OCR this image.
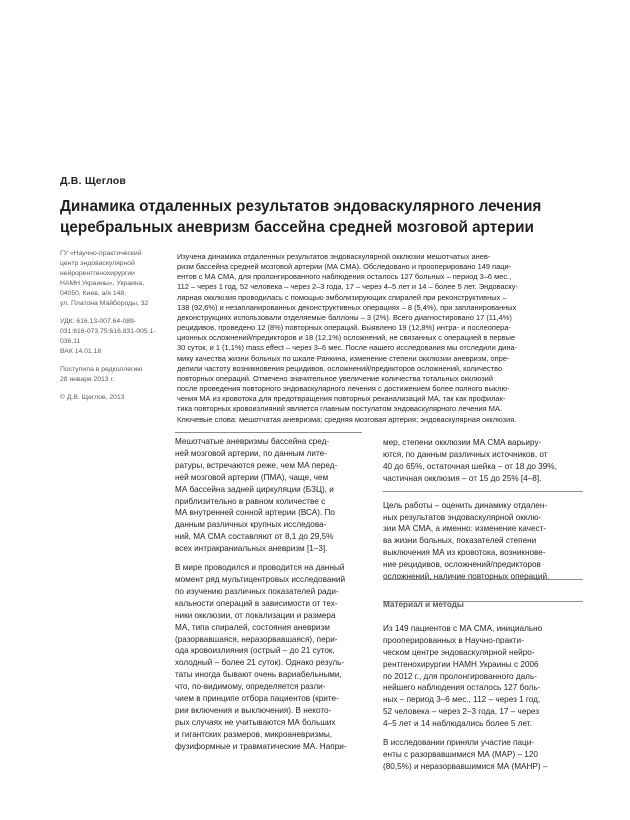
Д.В. Щеглов
Динамика отдаленных результатов эндоваскулярного лечения
церебральных аневризм бассейна средней мозговой артерии

ГУ «Научно-практический
центр эндоваскулярной
нейрорентгенохирургии
НАМН Украины», Украина,
04050, Киев, а/я 148,
ул. Платона Майбороды, 32

УДК: 616.13-007.64-089-
031:616-073.75:616.831-005.1-
036.11
ВАК 14.01.18

Поступила в редколлегию
28 января 2013 г.

© Д.В. Щеглов, 2013

Изучена динамика отдаленных результатов эндоваскулярной окклюзии мешотчатых анев-
ризм бассейна средней мозговой артерии (МА СМА). Обследовано и прооперировано 149 паци-
ентов с МА СМА, для пролонгированного наблюдения осталось 127 больных – период 3–6 мес.,
112 – через 1 год, 52 человека – через 2–3 года, 17 – через 4–5 лет и 14 – более 5 лет. Эндоваску-
лярная окклюзия проводилась с помощью эмболизирующих спиралей при реконструктивных –
138 (92,6%) и незапланированных деконструктивных операциях – 8 (5,4%), при запланированных
деконструкциях использовали отделяемые баллоны – 3 (2%). Всего диагностировано 17 (11,4%)
рецидивов, проведено 12 (8%) повторных операций. Выявлено 19 (12,8%) интра- и послеопера-
ционных осложнений/предикторов и 18 (12,1%) осложнений, не связанных с операцией в первые
30 суток, и 1 (1,1%) mass effect – через 3–6 мес. После нашего исследования мы отследили дина-
мику качества жизни больных по шкале Ранкина, изменение степени окклюзии аневризм, опре-
делили частоту возникновения рецидивов, осложнений/предикторов осложнений, количество
повторных операций. Отмечено значительное увеличение количества тотальных окклюзий
после проведения повторного эндоваскулярного лечения с достижением более полного выклю-
чения МА из кровотока для предотвращения повторных реканализаций МА, так как профилак-
тика повторных кровоизлияний является главным постулатом эндоваскулярного лечения МА.
Ключевые слова: мешотчатая аневризма; средняя мозговая артерия; эндоваскулярная окклюзия.

Мешотчатые аневризмы бассейна сред-
ней мозговой артерии, по данным лите-
ратуры, встречаются реже, чем МА перед-
ней мозговой артерии (ПМА), чаще, чем
МА бассейна задней циркуляции (БЗЦ), и
приблизительно в равном количестве с
МА внутренней сонной артерии (ВСА). По
данным различных крупных исследова-
ний, МА СМА составляют от 8,1 до 29,5%
всех интракраниальных аневризм [1–3].

В мире проводился и проводится на данный
момент ряд мультицентровых исследований
по изучению различных показателей ради-
кальности операций в зависимости от тех-
ники окклюзии, от локализации и размера
МА, типа спиралей, состояния аневризм
(разорвавшаяся, неразорвавшаяся), пери-
ода кровоизлияния (острый – до 21 суток,
холодный – более 21 суток). Однако резуль-
таты иногда бывают очень вариабельными,
что, по-видимому, определяется разли-
чием в принципе отбора пациентов (крите-
рии включения и выключения). В некото-
рых случаях не учитываются МА больших
и гигантских размеров, микроаневризмы,
фузиформные и травматические МА. Напри-

мер, степени окклюзии МА СМА варьиру-
ются, по данным различных источников, от
40 до 65%, остаточная шейка – от 18 до 39%,
частичная окклюзия – от 15 до 25% [4–8].

Цель работы – оценить динамику отдален-
ных результатов эндоваскулярной окклю-
зии МА СМА, а именно: изменение качест-
ва жизни больных, показателей степени
выключения МА из кровотока, возникнове-
ние рецидивов, осложнений/предикторов
осложнений, наличие повторных операций.

Материал и методы

Из 149 пациентов с МА СМА, инициально
прооперированных в Научно-практи-
ческом центре эндоваскулярной нейро-
рентгенохирургии НАМН Украины с 2006
по 2012 г., для пролонгированного даль-
нейшего наблюдения осталось 127 боль-
ных – период 3–6 мес., 112 – через 1 год,
52 человека – через 2–3 года, 17 – через
4–5 лет и 14 наблюдались более 5 лет.

В исследовании приняли участие паци-
енты с разорвавшимися МА (МАР) – 120
(80,5%) и неразорвавшимися МА (МАНР) –
